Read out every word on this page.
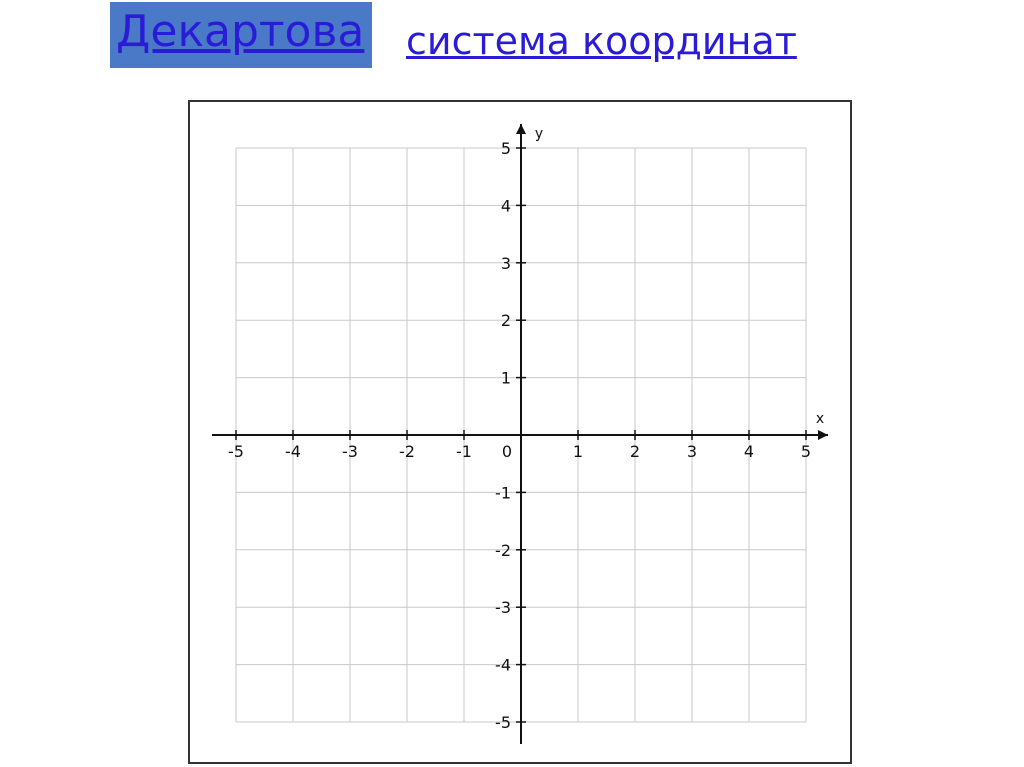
Декартова система координат
-5	-4	-3	-2	-1 0	1	2	3	4	5
-5
-4
-3
-2
-1
1
2
3
4
5
x
y
